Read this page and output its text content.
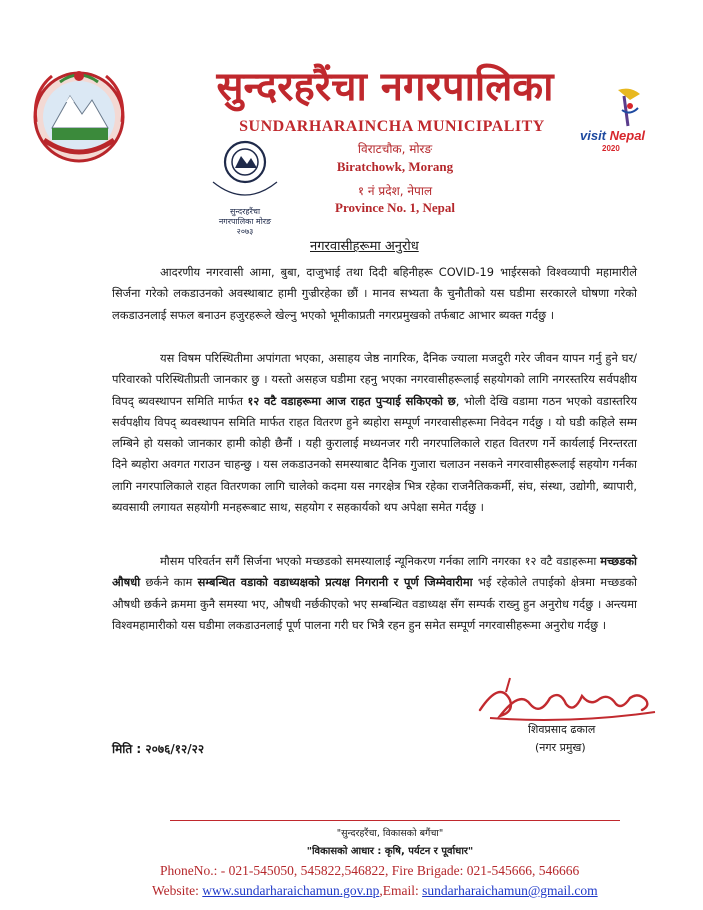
सुन्दरहरैंचा नगरपालिका
SUNDARHARAINCHA MUNICIPALITY
विराटचौक, मोरङ
Biratchowk, Morang
१ नं प्रदेश, नेपाल
Province No. 1, Nepal
सुन्दरहरैंचा नगरपालिका मोरङ २०७३
visit Nepal
2020
नगरवासीहरूमा अनुरोध
आदरणीय नगरवासी आमा, बुबा, दाजुभाई तथा दिदी बहिनीहरू COVID-19 भाईरसको विश्वव्यापी महामारीले सिर्जना गरेको लकडाउनको अवस्थाबाट हामी गुज्रीरहेका छौं । मानव सभ्यता कै चुनौतीको यस घडीमा सरकारले घोषणा गरेको लकडाउनलाई सफल बनाउन हजुरहरूले खेल्नु भएको भूमीकाप्रती नगरप्रमुखको तर्फबाट आभार ब्यक्त गर्दछु ।
यस विषम परिस्थितीमा अपांगता भएका, असाहय जेष्ठ नागरिक, दैनिक ज्याला मजदुरी गरेर जीवन यापन गर्नु हुने घर/परिवारको परिस्थितीप्रती जानकार छु । यस्तो असहज घडीमा रहनु भएका नगरवासीहरूलाई सहयोगको लागि नगरस्तरिय सर्वपक्षीय विपद् ब्यवस्थापन समिति मार्फत १२ वटै वडाहरूमा आज राहत पुऱ्याई सकिएको छ, भोली देखि वडामा गठन भएको वडास्तरिय सर्वपक्षीय विपद् ब्यवस्थापन समिति मार्फत राहत वितरण हुने ब्यहोरा सम्पूर्ण नगरवासीहरूमा निवेदन गर्दछु । यो घडी कहिले सम्म लम्बिने हो यसको जानकार हामी कोही छैनौं । यही कुरालाई मध्यनजर गरी नगरपालिकाले राहत वितरण गर्ने कार्यलाई निरन्तरता दिने ब्यहोरा अवगत गराउन चाहन्छु । यस लकडाउनको समस्याबाट दैनिक गुजारा चलाउन नसकने नगरवासीहरूलाई सहयोग गर्नका लागि नगरपालिकाले राहत वितरणका लागि चालेको कदमा यस नगरक्षेत्र भित्र रहेका राजनैतिककर्मी, संघ, संस्था, उद्योगी, ब्यापारी, ब्यवसायी लगायत सहयोगी मनहरूबाट साथ, सहयोग र सहकार्यको थप अपेक्षा समेत गर्दछु ।
मौसम परिवर्तन सगैं सिर्जना भएको मच्छडको समस्यालाई न्यूनिकरण गर्नका लागि नगरका १२ वटै वडाहरूमा मच्छडको औषधी छर्कने काम सम्बन्धित वडाको वडाध्यक्षको प्रत्यक्ष निगरानी र पूर्ण जिम्मेवारीमा भई रहेकोले तपाईको क्षेत्रमा मच्छडको औषधी छर्कने क्रममा कुनै समस्या भए, औषधी नर्छकीएको भए सम्बन्धित वडाध्यक्ष सँग सम्पर्क राख्नु हुन अनुरोध गर्दछु । अन्त्यमा विश्वमहामारीको यस घडीमा लकडाउनलाई पूर्ण पालना गरी घर भित्रै रहन हुन समेत सम्पूर्ण नगरवासीहरूमा अनुरोध गर्दछु ।
शिवप्रसाद ढकाल
(नगर प्रमुख)
मिति : २०७६/१२/२२
"सुन्दरहरैंचा, विकासको बगैंचा"
"विकासको आधार : कृषि, पर्यटन र पूर्वाधार"
PhoneNo.: - 021-545050, 545822,546822, Fire Brigade: 021-545666, 546666
Website: www.sundarharaichamun.gov.np,Email: sundarharaichamun@gmail.com
